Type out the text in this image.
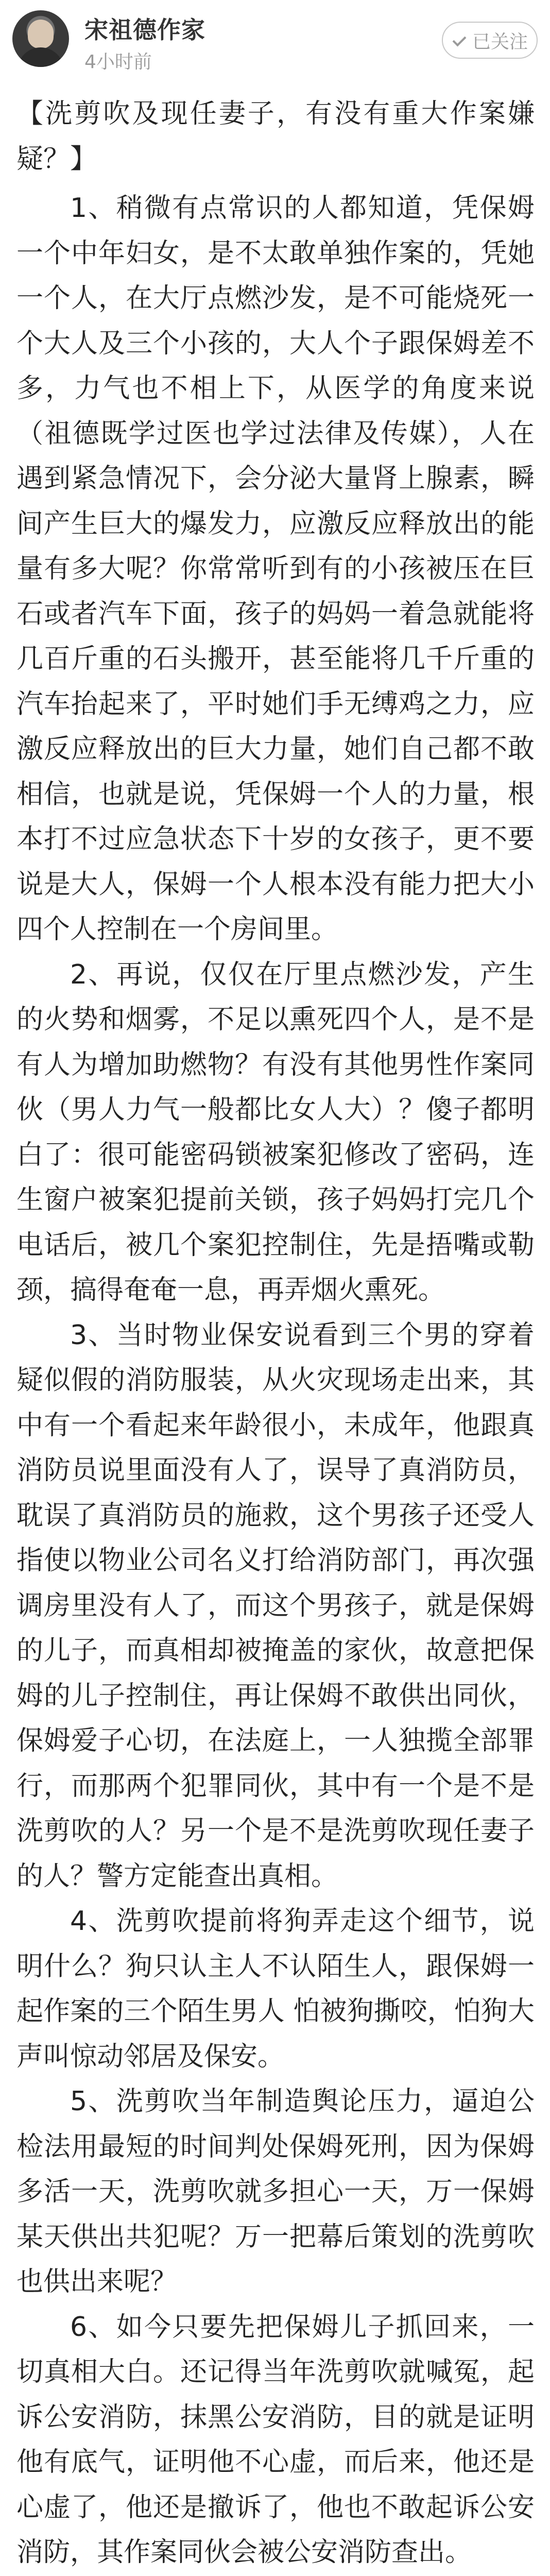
宋祖德作家
4小时前
已关注

【洗剪吹及现任妻子，有没有重大作案嫌疑？】

1、稍微有点常识的人都知道，凭保姆一个中年妇女，是不太敢单独作案的，凭她一个人，在大厅点燃沙发，是不可能烧死一个大人及三个小孩的，大人个子跟保姆差不多，力气也不相上下，从医学的角度来说（祖德既学过医也学过法律及传媒），人在遇到紧急情况下，会分泌大量肾上腺素，瞬间产生巨大的爆发力，应激反应释放出的能量有多大呢？你常常听到有的小孩被压在巨石或者汽车下面，孩子的妈妈一着急就能将几百斤重的石头搬开，甚至能将几千斤重的汽车抬起来了，平时她们手无缚鸡之力，应激反应释放出的巨大力量，她们自己都不敢相信，也就是说，凭保姆一个人的力量，根本打不过应急状态下十岁的女孩子，更不要说是大人，保姆一个人根本没有能力把大小四个人控制在一个房间里。

2、再说，仅仅在厅里点燃沙发，产生的火势和烟雾，不足以熏死四个人，是不是有人为增加助燃物？有没有其他男性作案同伙（男人力气一般都比女人大）？傻子都明白了：很可能密码锁被案犯修改了密码，连生窗户被案犯提前关锁，孩子妈妈打完几个电话后，被几个案犯控制住，先是捂嘴或勒颈，搞得奄奄一息，再弄烟火熏死。

3、当时物业保安说看到三个男的穿着疑似假的消防服装，从火灾现场走出来，其中有一个看起来年龄很小，未成年，他跟真消防员说里面没有人了，误导了真消防员，耽误了真消防员的施救，这个男孩子还受人指使以物业公司名义打给消防部门，再次强调房里没有人了，而这个男孩子，就是保姆的儿子，而真相却被掩盖的家伙，故意把保姆的儿子控制住，再让保姆不敢供出同伙，保姆爱子心切，在法庭上，一人独揽全部罪行，而那两个犯罪同伙，其中有一个是不是洗剪吹的人？另一个是不是洗剪吹现任妻子的人？警方定能查出真相。

4、洗剪吹提前将狗弄走这个细节，说明什么？狗只认主人不认陌生人，跟保姆一起作案的三个陌生男人 怕被狗撕咬，怕狗大声叫惊动邻居及保安。

5、洗剪吹当年制造舆论压力，逼迫公检法用最短的时间判处保姆死刑，因为保姆多活一天，洗剪吹就多担心一天，万一保姆某天供出共犯呢？万一把幕后策划的洗剪吹也供出来呢？

6、如今只要先把保姆儿子抓回来，一切真相大白。还记得当年洗剪吹就喊冤，起诉公安消防，抹黑公安消防，目的就是证明他有底气，证明他不心虚，而后来，他还是心虚了，他还是撤诉了，他也不敢起诉公安消防，其作案同伙会被公安消防查出。
